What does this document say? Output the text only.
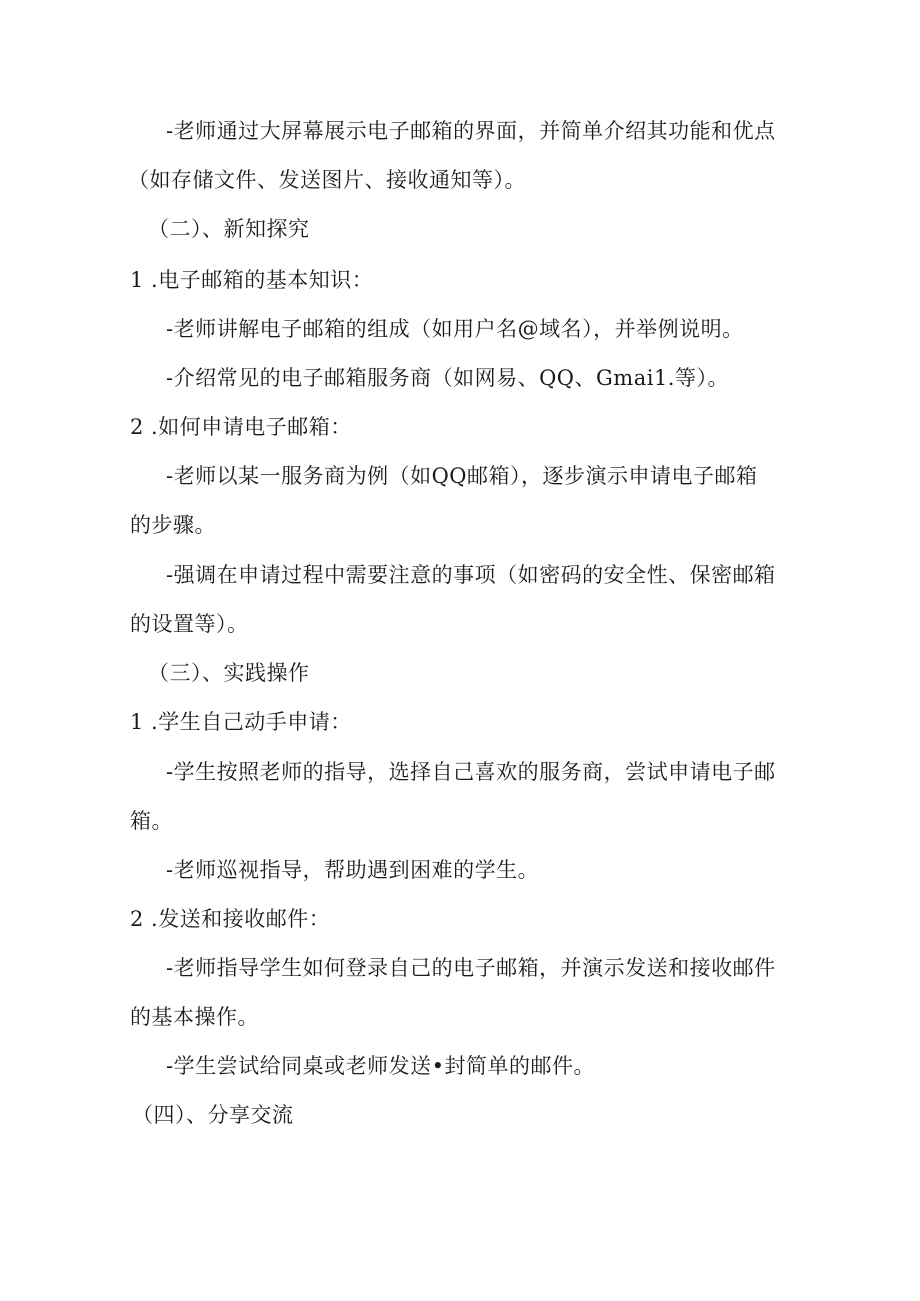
-老师通过大屏幕展示电子邮箱的界面，并简单介绍其功能和优点
（如存储文件、发送图片、接收通知等）。
（二）、新知探究
1 .电子邮箱的基本知识：
-老师讲解电子邮箱的组成（如用户名@域名），并举例说明。
-介绍常见的电子邮箱服务商（如网易、QQ、Gmai1.等）。
2 .如何申请电子邮箱：
-老师以某一服务商为例（如QQ邮箱），逐步演示申请电子邮箱
的步骤。
-强调在申请过程中需要注意的事项（如密码的安全性、保密邮箱
的设置等）。
（三）、实践操作
1 .学生自己动手申请：
-学生按照老师的指导，选择自己喜欢的服务商，尝试申请电子邮
箱。
-老师巡视指导，帮助遇到困难的学生。
2 .发送和接收邮件：
-老师指导学生如何登录自己的电子邮箱，并演示发送和接收邮件
的基本操作。
-学生尝试给同桌或老师发送•封简单的邮件。
（四）、分享交流
